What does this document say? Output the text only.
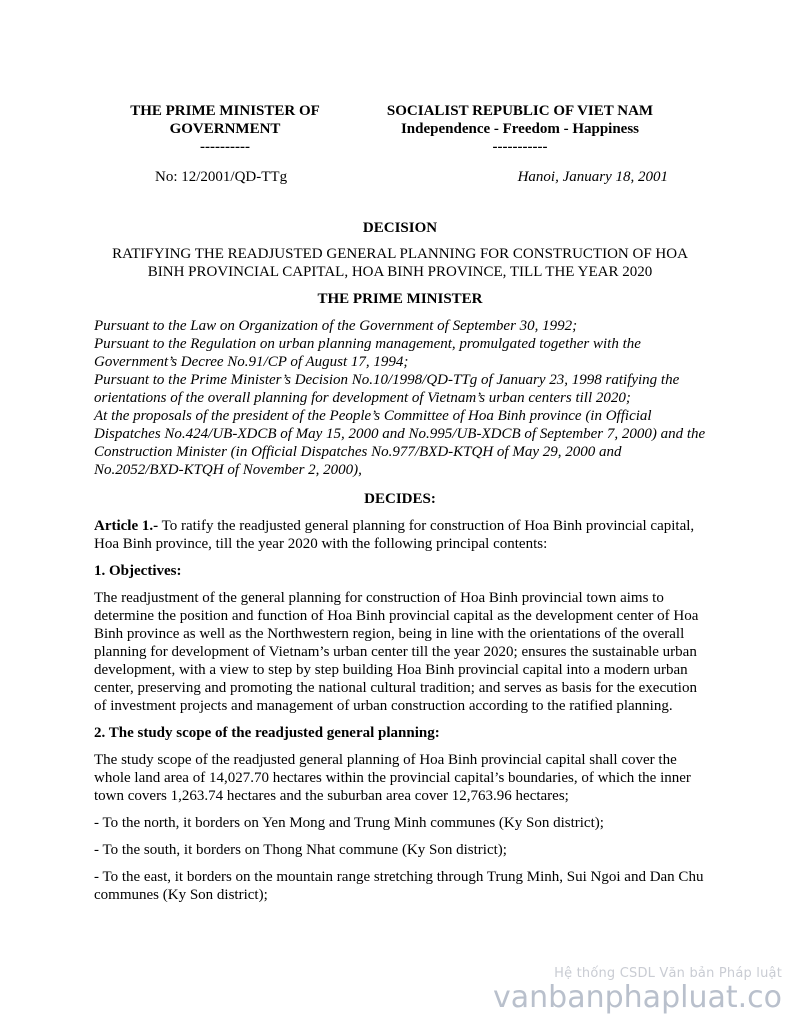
THE PRIME MINISTER OF
GOVERNMENT
----------
SOCIALIST REPUBLIC OF VIET NAM
Independence - Freedom - Happiness
-----------
No: 12/2001/QD-TTg	Hanoi, January 18, 2001
DECISION
RATIFYING THE READJUSTED GENERAL PLANNING FOR CONSTRUCTION OF HOA BINH PROVINCIAL CAPITAL, HOA BINH PROVINCE, TILL THE YEAR 2020
THE PRIME MINISTER
Pursuant to the Law on Organization of the Government of September 30, 1992;
Pursuant to the Regulation on urban planning management, promulgated together with the Government’s Decree No.91/CP of August 17, 1994;
Pursuant to the Prime Minister’s Decision No.10/1998/QD-TTg of January 23, 1998 ratifying the orientations of the overall planning for development of Vietnam’s urban centers till 2020;
At the proposals of the president of the People’s Committee of Hoa Binh province (in Official Dispatches No.424/UB-XDCB of May 15, 2000 and No.995/UB-XDCB of September 7, 2000) and the Construction Minister (in Official Dispatches No.977/BXD-KTQH of May 29, 2000 and No.2052/BXD-KTQH of November 2, 2000),
DECIDES:

Article 1.- To ratify the readjusted general planning for construction of Hoa Binh provincial capital, Hoa Binh province, till the year 2020 with the following principal contents:

1. Objectives:

The readjustment of the general planning for construction of Hoa Binh provincial town aims to determine the position and function of Hoa Binh provincial capital as the development center of Hoa Binh province as well as the Northwestern region, being in line with the orientations of the overall planning for development of Vietnam’s urban center till the year 2020; ensures the sustainable urban development, with a view to step by step building Hoa Binh provincial capital into a modern urban center, preserving and promoting the national cultural tradition; and serves as basis for the execution of investment projects and management of urban construction according to the ratified planning.

2. The study scope of the readjusted general planning:

The study scope of the readjusted general planning of Hoa Binh provincial capital shall cover the whole land area of 14,027.70 hectares within the provincial capital’s boundaries, of which the inner town covers 1,263.74 hectares and the suburban area cover 12,763.96 hectares;

- To the north, it borders on Yen Mong and Trung Minh communes (Ky Son district);

- To the south, it borders on Thong Nhat commune (Ky Son district);

- To the east, it borders on the mountain range stretching through Trung Minh, Sui Ngoi and Dan Chu communes (Ky Son district);

Hệ thống CSDL Văn bản Pháp luật
vanbanphapluat.co
